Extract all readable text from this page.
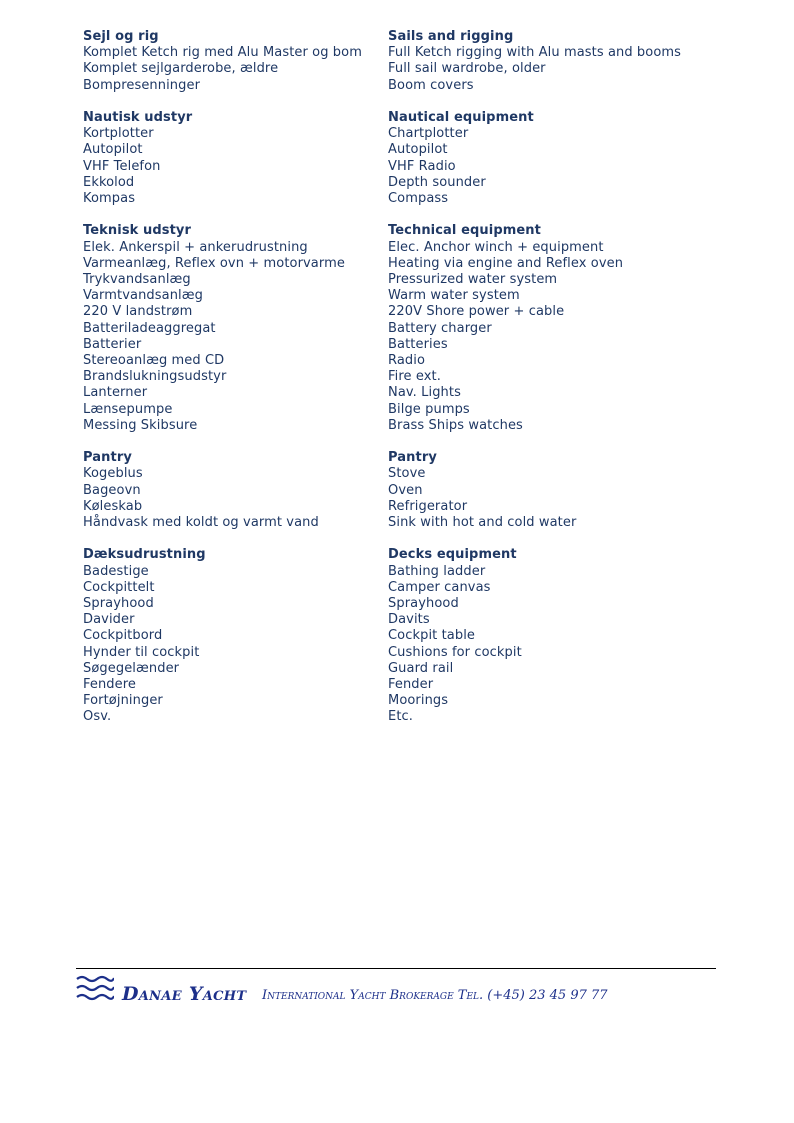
Sejl og rig
Komplet Ketch rig med Alu Master og bom
Komplet sejlgarderobe, ældre
Bompresenninger
Nautisk udstyr
Kortplotter
Autopilot
VHF Telefon
Ekkolod
Kompas
Teknisk udstyr
Elek. Ankerspil + ankerudrustning
Varmeanlæg, Reflex ovn + motorvarme
Trykvandsanlæg
Varmtvandsanlæg
220 V landstrøm
Batteriladeaggregat
Batterier
Stereoanlæg med CD
Brandslukningsudstyr
Lanterner
Lænsepumpe
Messing Skibsure
Pantry
Kogeblus
Bageovn
Køleskab
Håndvask med koldt og varmt vand
Dæksudrustning
Badestige
Cockpittelt
Sprayhood
Davider
Cockpitbord
Hynder til cockpit
Søgegelænder
Fendere
Fortøjninger
Osv.
Sails and rigging
Full Ketch rigging with Alu masts and booms
Full sail wardrobe, older
Boom covers
Nautical equipment
Chartplotter
Autopilot
VHF Radio
Depth sounder
Compass
Technical equipment
Elec. Anchor winch + equipment
Heating via engine and Reflex oven
Pressurized water system
Warm water system
220V Shore power + cable
Battery charger
Batteries
Radio
Fire ext.
Nav. Lights
Bilge pumps
Brass Ships watches
Pantry
Stove
Oven
Refrigerator
Sink with hot and cold water
Decks equipment
Bathing ladder
Camper canvas
Sprayhood
Davits
Cockpit table
Cushions for cockpit
Guard rail
Fender
Moorings
Etc.
Danae Yacht International Yacht Brokerage Tel. (+45) 23 45 97 77
